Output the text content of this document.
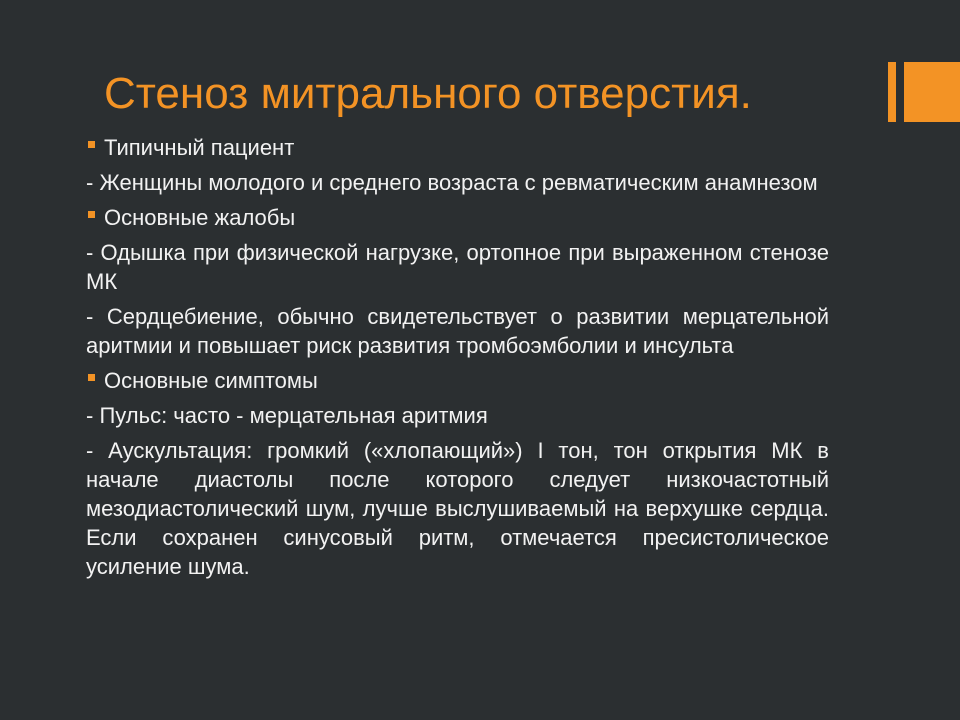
Стеноз митрального отверстия.
Типичный пациент
- Женщины молодого и среднего возраста с ревматическим анамнезом
Основные жалобы
- Одышка при физической нагрузке, ортопное при выраженном стенозе МК
- Сердцебиение, обычно свидетельствует о развитии мерцательной аритмии и повышает риск развития тромбоэмболии и инсульта
Основные симптомы
- Пульс: часто - мерцательная аритмия
- Аускультация: громкий («хлопающий») I тон, тон открытия МК в начале диастолы после которого следует низкочастотный мезодиастолический шум, лучше выслушиваемый на верхушке сердца. Если сохранен синусовый ритм, отмечается пресистолическое усиление шума.
